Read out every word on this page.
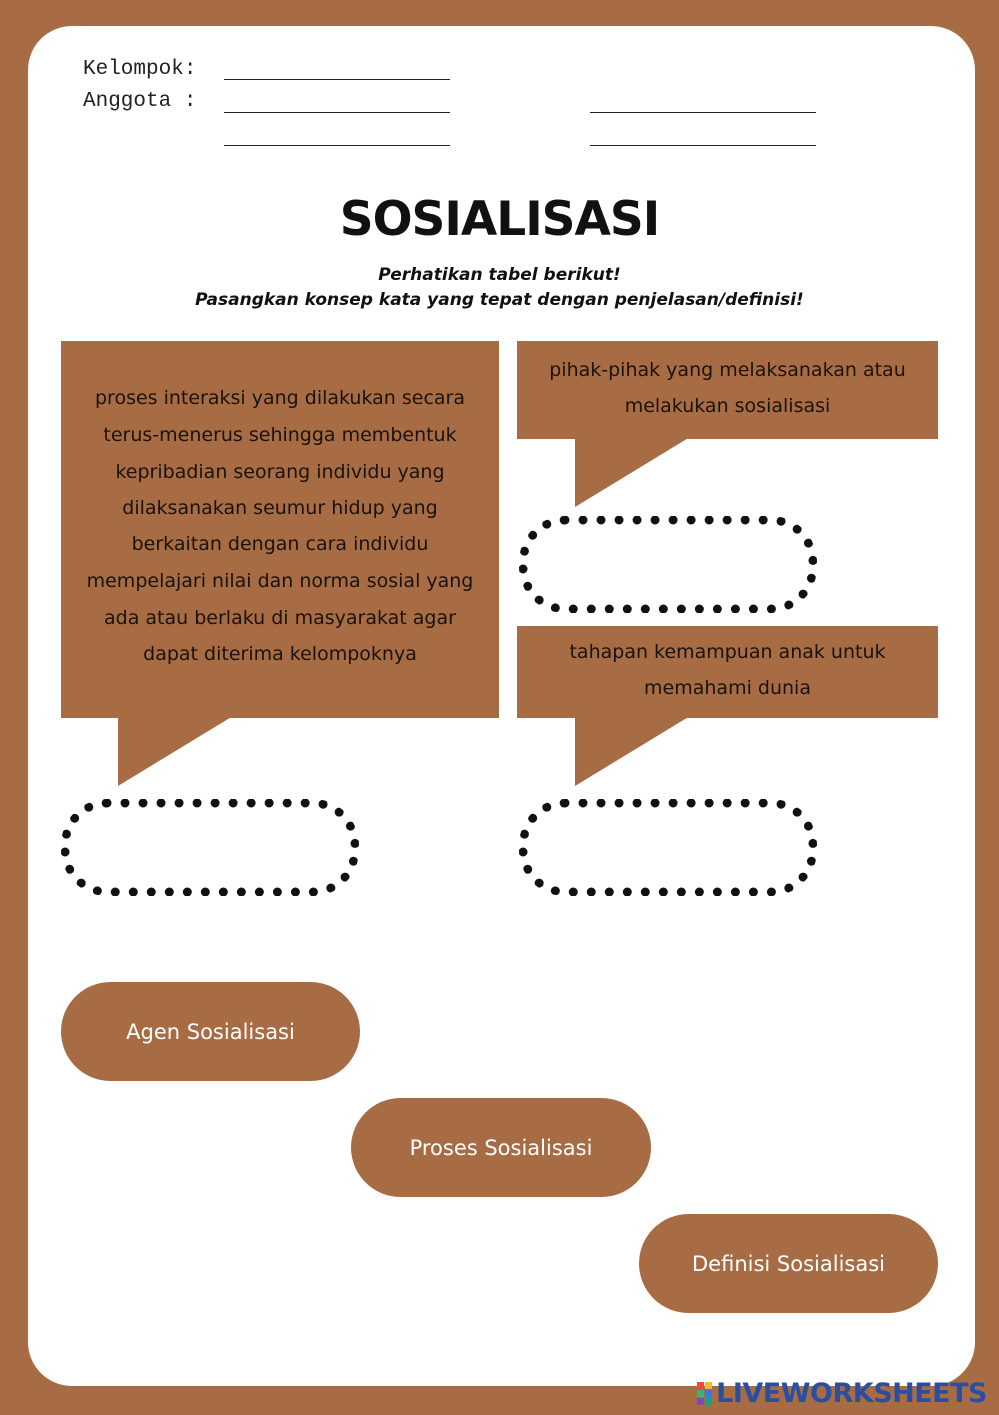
Kelompok:
Anggota :
SOSIALISASI
Perhatikan tabel berikut!
Pasangkan konsep kata yang tepat dengan penjelasan/definisi!
proses interaksi yang dilakukan secara
terus-menerus sehingga membentuk
kepribadian seorang individu yang
dilaksanakan seumur hidup yang
berkaitan dengan cara individu
mempelajari nilai dan norma sosial yang
ada atau berlaku di masyarakat agar
dapat diterima kelompoknya
pihak-pihak yang melaksanakan atau
melakukan sosialisasi
tahapan kemampuan anak untuk
memahami dunia
Agen Sosialisasi
Proses Sosialisasi
Definisi Sosialisasi
LIVEWORKSHEETS
